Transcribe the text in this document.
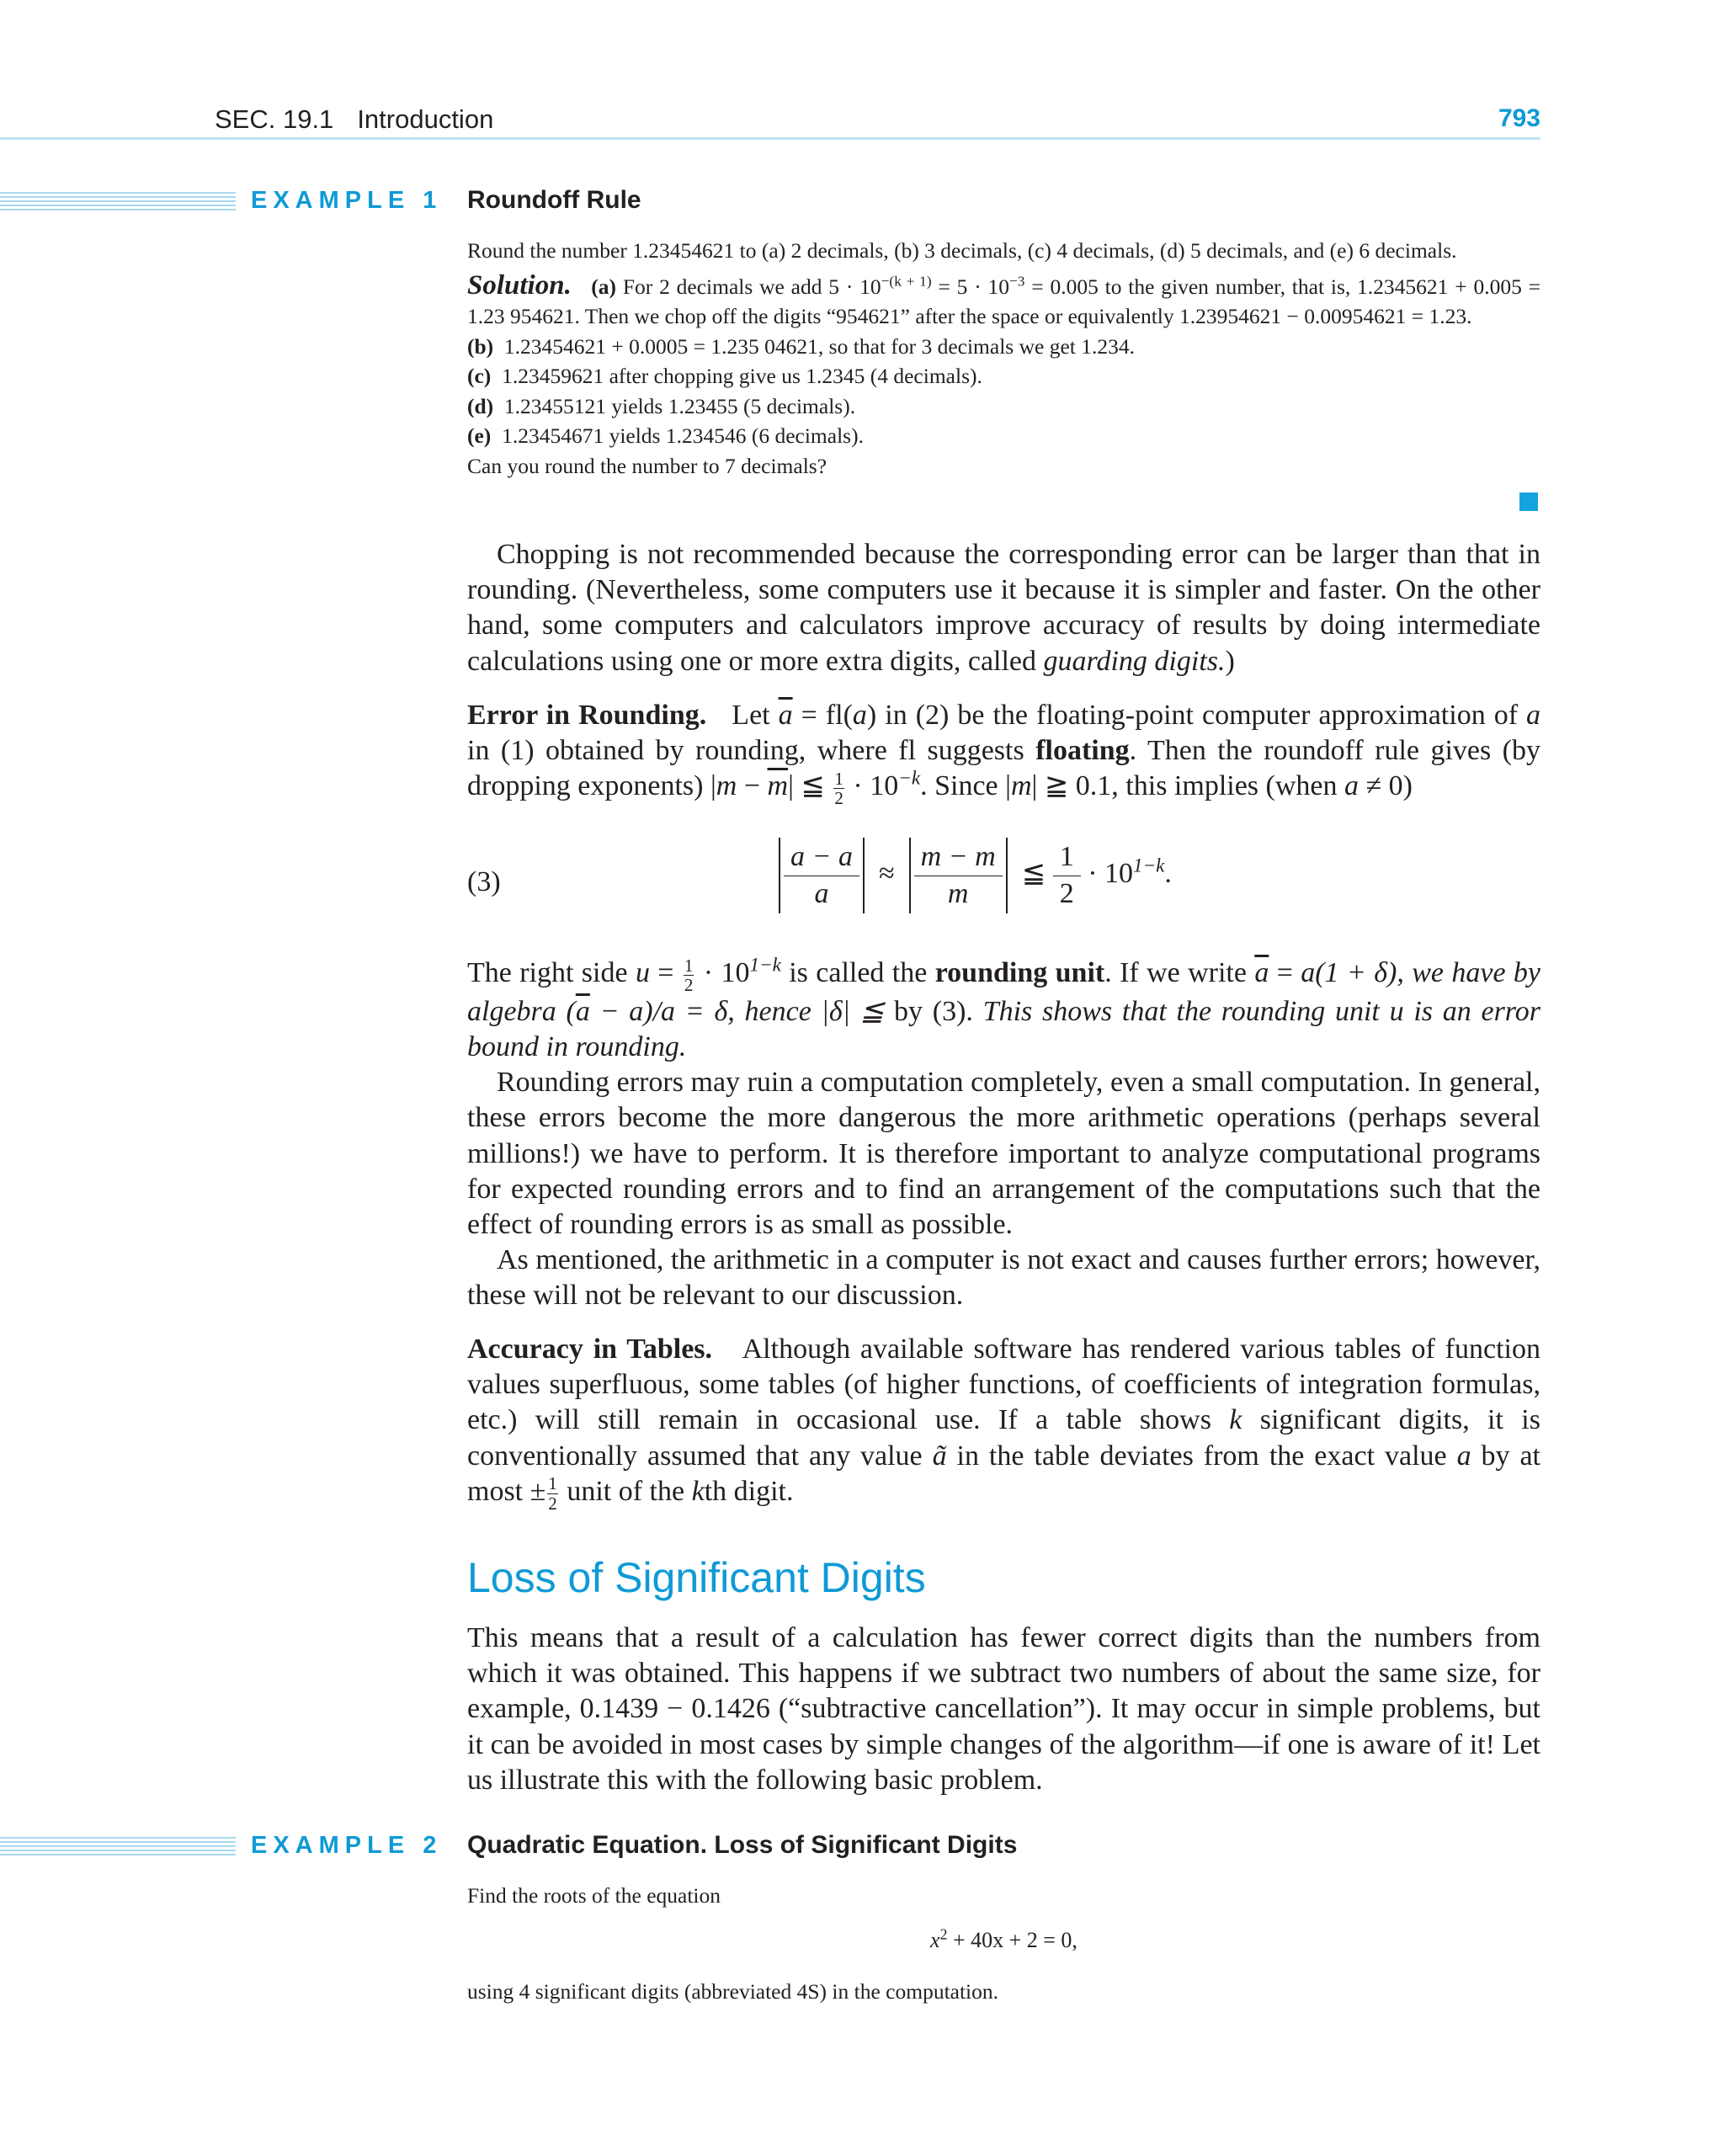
SEC. 19.1 Introduction	793
EXAMPLE 1 Roundoff Rule

Round the number 1.23454621 to (a) 2 decimals, (b) 3 decimals, (c) 4 decimals, (d) 5 decimals, and (e) 6 decimals.

Solution. (a) For 2 decimals we add $5 \cdot 10^{-(k + 1)} = 5 \cdot 10^{-3} = 0.005$ to the given number, that is, 1.2345621 + 0.005 = 1.23 954621. Then we chop off the digits “954621” after the space or equivalently 1.23954621 − 0.00954621 = 1.23.

(b) 1.23454621 + 0.0005 = 1.235 04621, so that for 3 decimals we get 1.234.

(c) 1.23459621 after chopping give us 1.2345 (4 decimals).

(d) 1.23455121 yields 1.23455 (5 decimals).

(e) 1.23454671 yields 1.234546 (6 decimals).

Can you round the number to 7 decimals?

Chopping is not recommended because the corresponding error can be larger than that in rounding. (Nevertheless, some computers use it because it is simpler and faster. On the other hand, some computers and calculators improve accuracy of results by doing intermediate calculations using one or more extra digits, called guarding digits.)

Error in Rounding. Let $\overline{a} = fl(a)$ in (2) be the floating-point computer approximation of a in (1) obtained by rounding, where fl suggests floating. Then the roundoff rule gives (by dropping exponents) $|m - \overline{m}|$ ≦ $\frac{1}{2} \cdot 10^{-k}$. Since |m| ≧ 0.1, this implies (when a ≠ 0)

(3)	$\frac{a - a}{a} \approx \frac{m - m}{m}$ ≦ $\frac{1}{2} \cdot 10^{1-k}$.

The right side $u = \frac{1}{2} \cdot 10^{1-k}$ is called the rounding unit. If we write $\overline{a} = a(1 + \delta)$, we have by algebra $(\overline{a} - a)/a = \delta$, hence |δ| ≦ by (3). This shows that the rounding unit u is an error bound in rounding.

Rounding errors may ruin a computation completely, even a small computation. In general, these errors become the more dangerous the more arithmetic operations (perhaps several millions!) we have to perform. It is therefore important to analyze computational programs for expected rounding errors and to find an arrangement of the computations such that the effect of rounding errors is as small as possible.

As mentioned, the arithmetic in a computer is not exact and causes further errors; however, these will not be relevant to our discussion.

Accuracy in Tables. Although available software has rendered various tables of function values superfluous, some tables (of higher functions, of coefficients of integration formulas, etc.) will still remain in occasional use. If a table shows k significant digits, it is conventionally assumed that any value ã in the table deviates from the exact value a by at most ± $\frac{1}{2}$ unit of the kth digit.

Loss of Significant Digits

This means that a result of a calculation has fewer correct digits than the numbers from which it was obtained. This happens if we subtract two numbers of about the same size, for example, 0.1439 − 0.1426 (“subtractive cancellation”). It may occur in simple problems, but it can be avoided in most cases by simple changes of the algorithm—if one is aware of it! Let us illustrate this with the following basic problem.

EXAMPLE 2 Quadratic Equation. Loss of Significant Digits
Find the roots of the equation
$x^2 + 40x + 2 = 0$,
using 4 significant digits (abbreviated 4S) in the computation.
